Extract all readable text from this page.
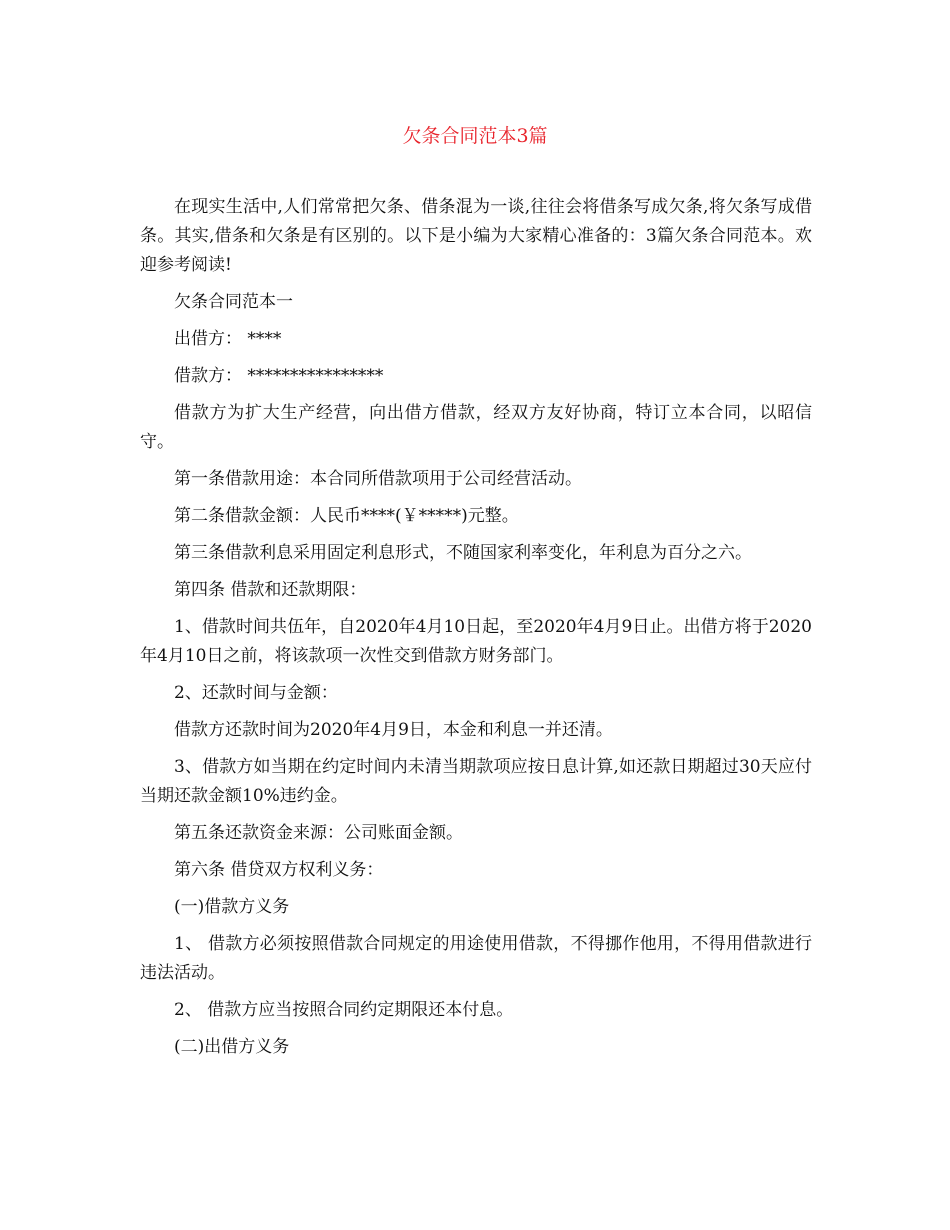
欠条合同范本3篇

在现实生活中,人们常常把欠条、借条混为一谈,往往会将借条写成欠条,将欠条写成借条。其实,借条和欠条是有区别的。以下是小编为大家精心准备的：3篇欠条合同范本。欢迎参考阅读!

欠条合同范本一

出借方： ****

借款方： ****************

借款方为扩大生产经营，向出借方借款，经双方友好协商，特订立本合同，以昭信守。

第一条借款用途：本合同所借款项用于公司经营活动。

第二条借款金额：人民币****(￥*****)元整。

第三条借款利息采用固定利息形式，不随国家利率变化，年利息为百分之六。

第四条 借款和还款期限：

1、借款时间共伍年，自2020年4月10日起，至2020年4月9日止。出借方将于2020年4月10日之前，将该款项一次性交到借款方财务部门。

2、还款时间与金额：

借款方还款时间为2020年4月9日，本金和利息一并还清。

3、借款方如当期在约定时间内未清当期款项应按日息计算,如还款日期超过30天应付当期还款金额10%违约金。

第五条还款资金来源：公司账面金额。

第六条 借贷双方权利义务：

(一)借款方义务

1、 借款方必须按照借款合同规定的用途使用借款，不得挪作他用，不得用借款进行违法活动。

2、 借款方应当按照合同约定期限还本付息。

(二)出借方义务
